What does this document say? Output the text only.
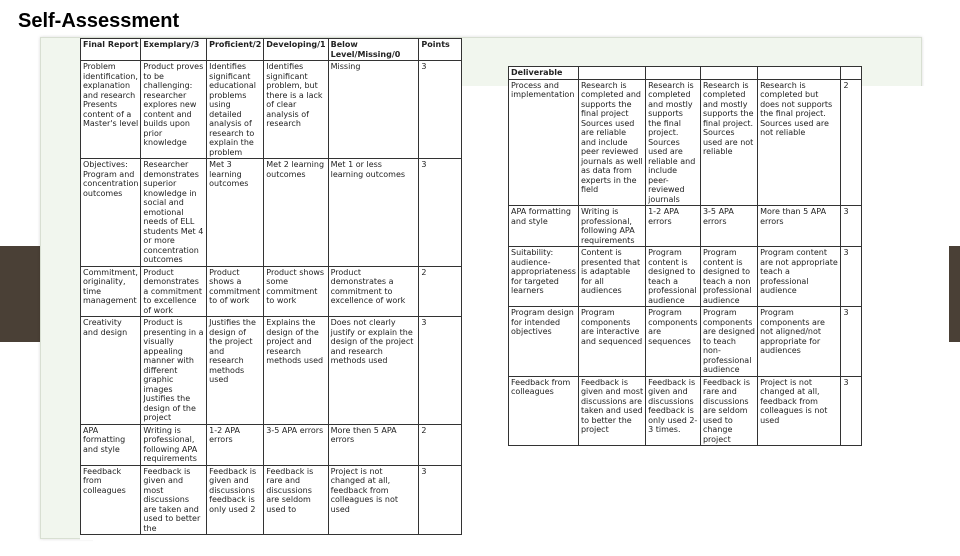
Self-Assessment
Final Report	Exemplary/3	Proficient/2	Developing/1	Below Level/Missing/0	Points
Problem identification, explanation and research Presents content of a Master's level	Product proves to be challenging: researcher explores new content and builds upon prior knowledge	Identifies significant educational problems using detailed analysis of research to explain the problem	Identifies significant problem, but there is a lack of clear analysis of research	Missing	3
Objectives: Program and concentration outcomes	Researcher demonstrates superior knowledge in social and emotional needs of ELL students Met 4 or more concentration outcomes	Met 3 learning outcomes	Met 2 learning outcomes	Met 1 or less learning outcomes	3
Commitment, originality, time management	Product demonstrates a commitment to excellence of work	Product shows a commitment to of work	Product shows some commitment to work	Product demonstrates a commitment to excellence of work	2
Creativity and design	Product is presenting in a visually appealing manner with different graphic images Justifies the design of the project	Justifies the design of the project and research methods used	Explains the design of the project and research methods used	Does not clearly justify or explain the design of the project and research methods used	3
APA formatting and style	Writing is professional, following APA requirements	1-2 APA errors	3-5 APA errors	More then 5 APA errors	2
Feedback from colleagues	Feedback is given and most discussions are taken and used to better the	Feedback is given and discussions feedback is only used 2	Feedback is rare and discussions are seldom used to	Project is not changed at all, feedback from colleagues is not used	3
Deliverable					
Process and implementation	Research is completed and supports the final project Sources used are reliable and include peer reviewed journals as well as data from experts in the field	Research is completed and mostly supports the final project. Sources used are reliable and include peer-reviewed journals	Research is completed and mostly supports the final project. Sources used are not reliable	Research is completed but does not supports the final project. Sources used are not reliable	2
APA formatting and style	Writing is professional, following APA requirements	1-2 APA errors	3-5 APA errors	More than 5 APA errors	3
Suitability: audience-appropriateness for targeted learners	Content is presented that is adaptable for all audiences	Program content is designed to teach a professional audience	Program content is designed to teach a non professional audience	Program content are not appropriate teach a professional audience	3
Program design for intended objectives	Program components are interactive and sequenced	Program components are sequences	Program components are designed to teach non-professional audience	Program components are not aligned/not appropriate for audiences	3
Feedback from colleagues	Feedback is given and most discussions are taken and used to better the project	Feedback is given and discussions feedback is only used 2-3 times.	Feedback is rare and discussions are seldom used to change project	Project is not changed at all, feedback from colleagues is not used	3
